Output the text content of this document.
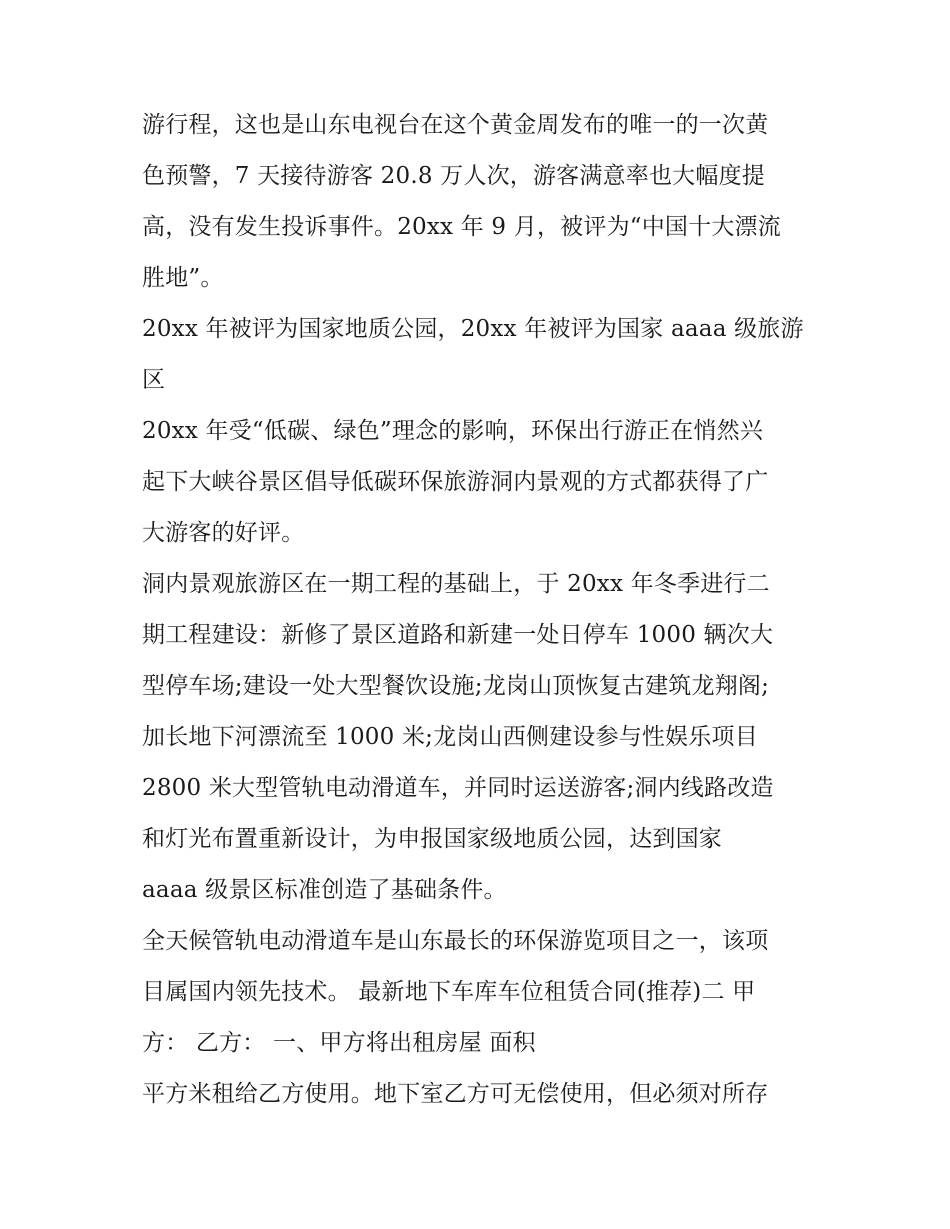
游行程，这也是山东电视台在这个黄金周发布的唯一的一次黄
色预警，7 天接待游客 20.8 万人次，游客满意率也大幅度提
高，没有发生投诉事件。20xx 年 9 月，被评为“中国十大漂流
胜地”。
20xx 年被评为国家地质公园，20xx 年被评为国家 aaaa 级旅游
区
20xx 年受“低碳、绿色”理念的影响，环保出行游正在悄然兴
起下大峡谷景区倡导低碳环保旅游洞内景观的方式都获得了广
大游客的好评。
洞内景观旅游区在一期工程的基础上，于 20xx 年冬季进行二
期工程建设：新修了景区道路和新建一处日停车 1000 辆次大
型停车场;建设一处大型餐饮设施;龙岗山顶恢复古建筑龙翔阁;
加长地下河漂流至 1000 米;龙岗山西侧建设参与性娱乐项目
2800 米大型管轨电动滑道车，并同时运送游客;洞内线路改造
和灯光布置重新设计，为申报国家级地质公园，达到国家
aaaa 级景区标准创造了基础条件。
全天候管轨电动滑道车是山东最长的环保游览项目之一，该项
目属国内领先技术。 最新地下车库车位租赁合同(推荐)二 甲
方： 乙方： 一、甲方将出租房屋 面积
平方米租给乙方使用。地下室乙方可无偿使用，但必须对所存
